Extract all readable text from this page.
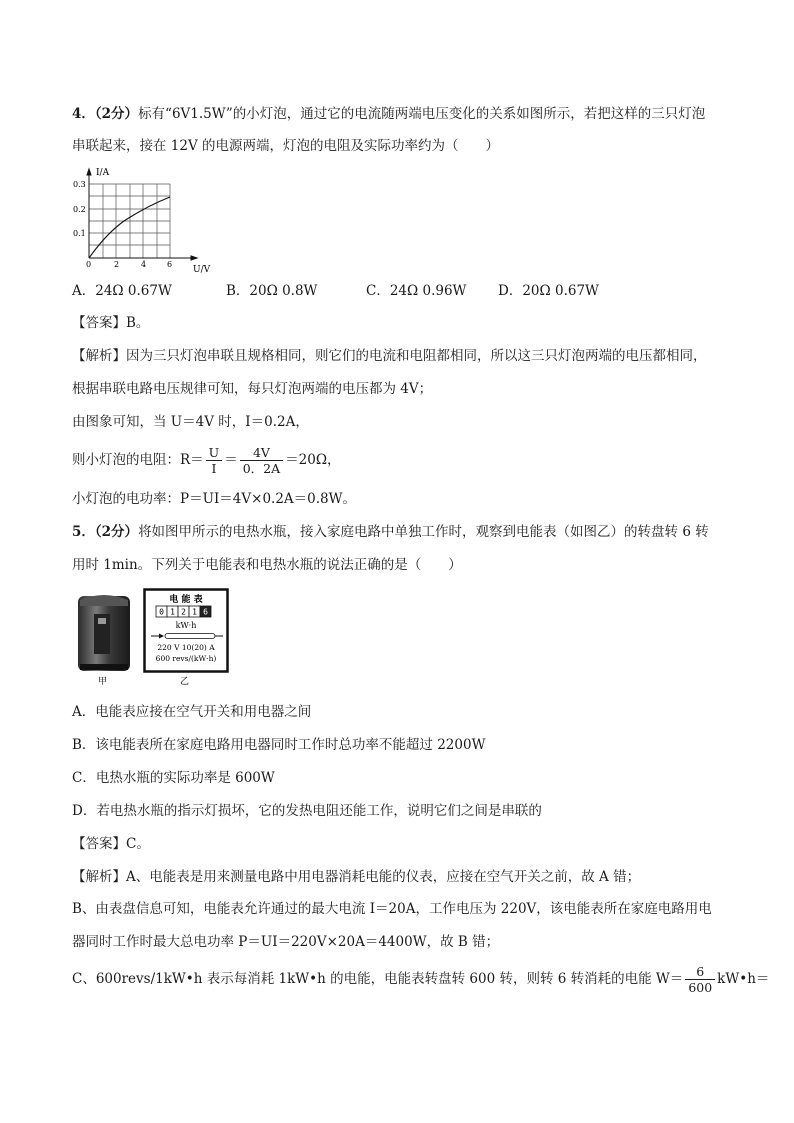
4．（2分）标有“6V1.5W”的小灯泡，通过它的电流随两端电压变化的关系如图所示，若把这样的三只灯泡
串联起来，接在 12V 的电源两端，灯泡的电阻及实际功率约为（　　）
I/A
U/V
0.3
0.2
0.1
0	2	4	6
A．24Ω 0.67W	B．20Ω 0.8W	C．24Ω 0.96W D．20Ω 0.67W
【答案】B。
【解析】因为三只灯泡串联且规格相同，则它们的电流和电阻都相同，所以这三只灯泡两端的电压都相同，
根据串联电路电压规律可知，每只灯泡两端的电压都为 4V；
由图象可知，当 U＝4V 时，I＝0.2A，
则小灯泡的电阻：$R= \frac{U}{I} = \frac{4V}{0.2A} =20\Omega$，
小灯泡的电功率：P＝UI＝4V×0.2A＝0.8W。
5．（2分）将如图甲所示的电热水瓶，接入家庭电路中单独工作时，观察到电能表（如图乙）的转盘转 6 转
用时 1min。下列关于电能表和电热水瓶的说法正确的是（　　）
甲
电 能 表
0 1 2 1 6
kW·h
220 V 10(20) A
600 revs/(kW·h)
乙
A．电能表应接在空气开关和用电器之间
B．该电能表所在家庭电路用电器同时工作时总功率不能超过 2200W
C．电热水瓶的实际功率是 600W
D．若电热水瓶的指示灯损坏，它的发热电阻还能工作，说明它们之间是串联的
【答案】C。
【解析】A、电能表是用来测量电路中用电器消耗电能的仪表，应接在空气开关之前，故 A 错；
B、由表盘信息可知，电能表允许通过的最大电流 I＝20A，工作电压为 220V，该电能表所在家庭电路用电
器同时工作时最大总电功率 P＝UI＝220V×20A＝4400W，故 B 错；
C、600revs/1kW•h 表示每消耗 1kW•h 的电能，电能表转盘转 600 转，则转 6 转消耗的电能 $W= \frac{6}{600}$ kW•h＝
